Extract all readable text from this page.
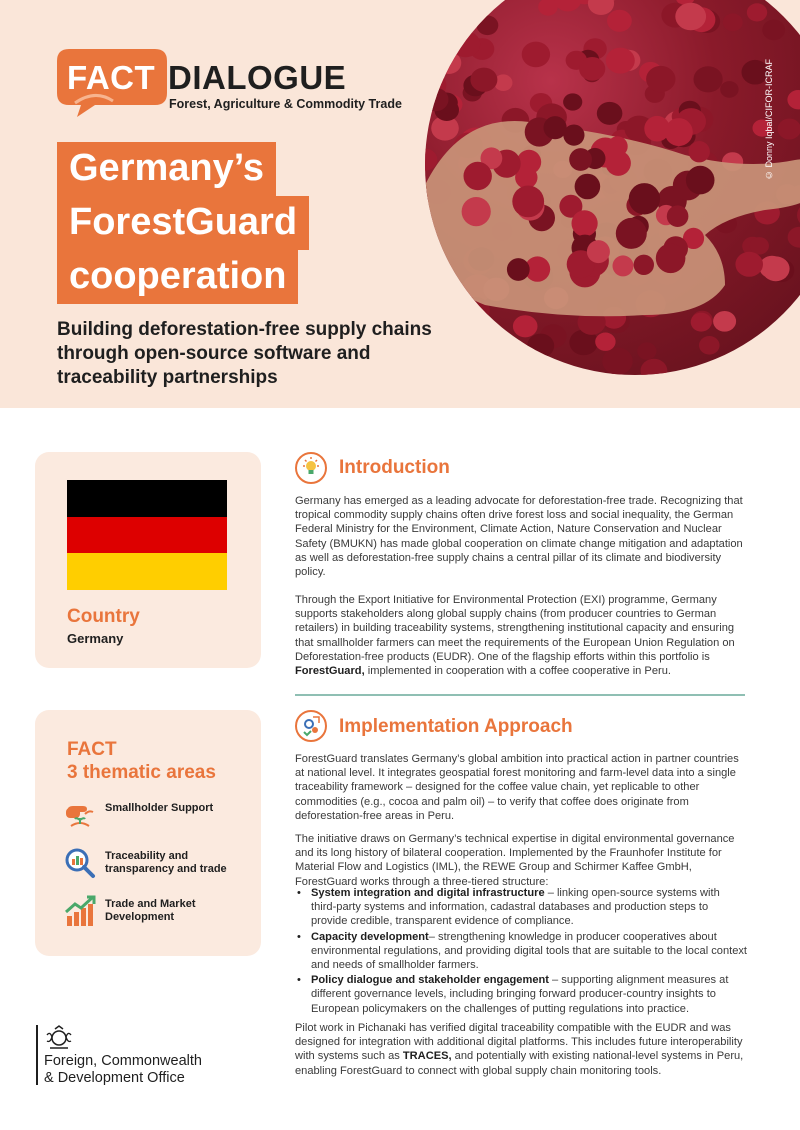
© Donny Iqbal/CIFOR-ICRAF
FACT DIALOGUE
Forest, Agriculture & Commodity Trade
Germany’s
ForestGuard
cooperation
Building deforestation-free supply chains through open-source software and traceability partnerships
Country
Germany
FACT
3 thematic areas
Smallholder Support
Traceability and transparency and trade
Trade and Market Development
Foreign, Commonwealth
& Development Office
Introduction
Germany has emerged as a leading advocate for deforestation-free trade. Recognizing that tropical commodity supply chains often drive forest loss and social inequality, the German Federal Ministry for the Environment, Climate Action, Nature Conservation and Nuclear Safety (BMUKN) has made global cooperation on climate change mitigation and adaptation as well as deforestation-free supply chains a central pillar of its climate and biodiversity policy.
Through the Export Initiative for Environmental Protection (EXI) programme, Germany supports stakeholders along global supply chains (from producer countries to German retailers) in building traceability systems, strengthening institutional capacity and ensuring that smallholder farmers can meet the requirements of the European Union Regulation on Deforestation-free products (EUDR). One of the flagship efforts within this portfolio is ForestGuard, implemented in cooperation with a coffee cooperative in Peru.
Implementation Approach
ForestGuard translates Germany’s global ambition into practical action in partner countries at national level. It integrates geospatial forest monitoring and farm-level data into a single traceability framework – designed for the coffee value chain, yet replicable to other commodities (e.g., cocoa and palm oil) – to verify that coffee does originate from deforestation-free areas in Peru.
The initiative draws on Germany’s technical expertise in digital environmental governance and its long history of bilateral cooperation. Implemented by the Fraunhofer Institute for Material Flow and Logistics (IML), the REWE Group and Schirmer Kaffee GmbH, ForestGuard works through a three-tiered structure:
• System integration and digital infrastructure – linking open-source systems with third-party systems and information, cadastral databases and production steps to provide credible, transparent evidence of compliance.
• Capacity development– strengthening knowledge in producer cooperatives about environmental regulations, and providing digital tools that are suitable to the local context and needs of smallholder farmers.
• Policy dialogue and stakeholder engagement – supporting alignment measures at different governance levels, including bringing forward producer-country insights to European policymakers on the challenges of putting regulations into practice.
Pilot work in Pichanaki has verified digital traceability compatible with the EUDR and was designed for integration with additional digital platforms. This includes future interoperability with systems such as TRACES, and potentially with existing national-level systems in Peru, enabling ForestGuard to connect with global supply chain monitoring tools.
